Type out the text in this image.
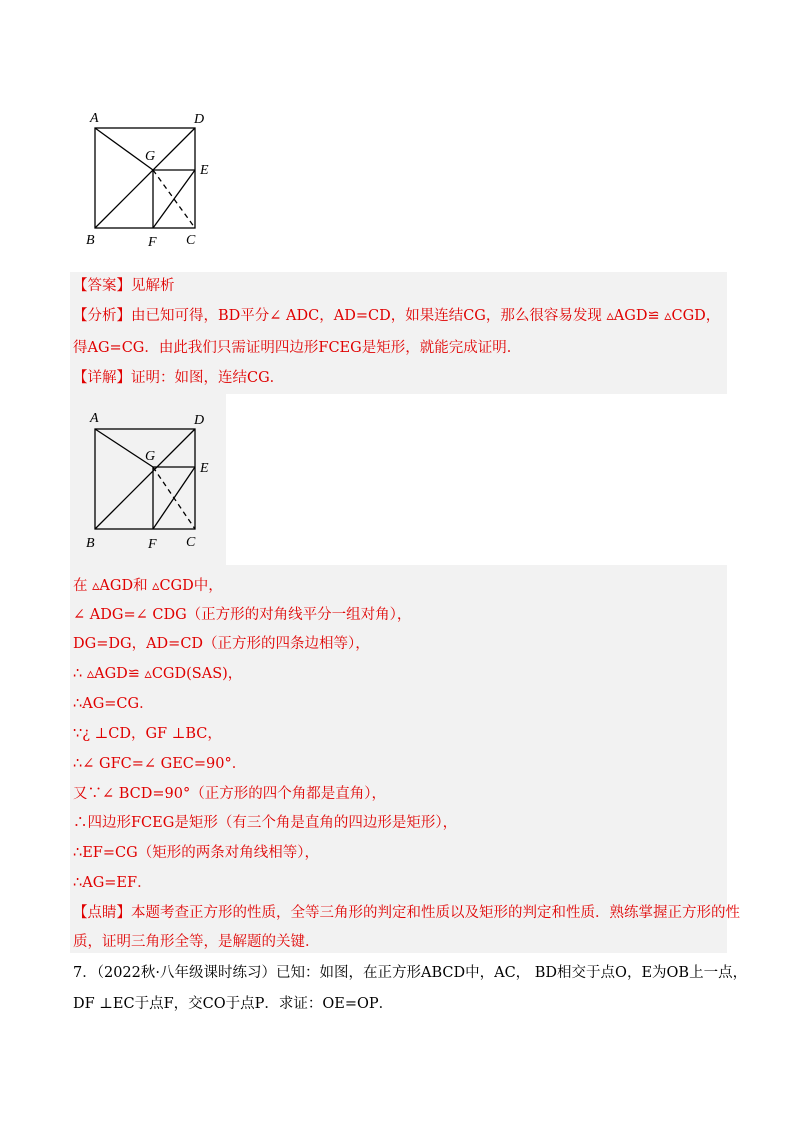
A	D
G
E
B	F C
【答案】见解析
【分析】由已知可得，BD平分∠ ADC，AD=CD，如果连结CG，那么很容易发现 ▵AGD≌ ▵CGD，
得AG=CG．由此我们只需证明四边形FCEG是矩形，就能完成证明．
【详解】证明：如图，连结CG．
A	D
G
E
B	F C
在 ▵AGD和 ▵CGD中，
∠ ADG=∠ CDG（正方形的对角线平分一组对角），
DG=DG，AD=CD（正方形的四条边相等），
∴ ▵AGD≌ ▵CGD(SAS)，
∴AG=CG．
∵¿ ⊥CD，GF ⊥BC，
∴∠ GFC=∠ GEC=90°．
又∵∠ BCD=90°（正方形的四个角都是直角），
∴四边形FCEG是矩形（有三个角是直角的四边形是矩形），
∴EF=CG（矩形的两条对角线相等），
∴AG=EF．
【点睛】本题考查正方形的性质，全等三角形的判定和性质以及矩形的判定和性质．熟练掌握正方形的性
质，证明三角形全等，是解题的关键．
7．（2022秋·八年级课时练习）已知：如图，在正方形ABCD中，AC， BD相交于点O，E为OB上一点，
DF ⊥EC于点F，交CO于点P．求证：OE=OP．
